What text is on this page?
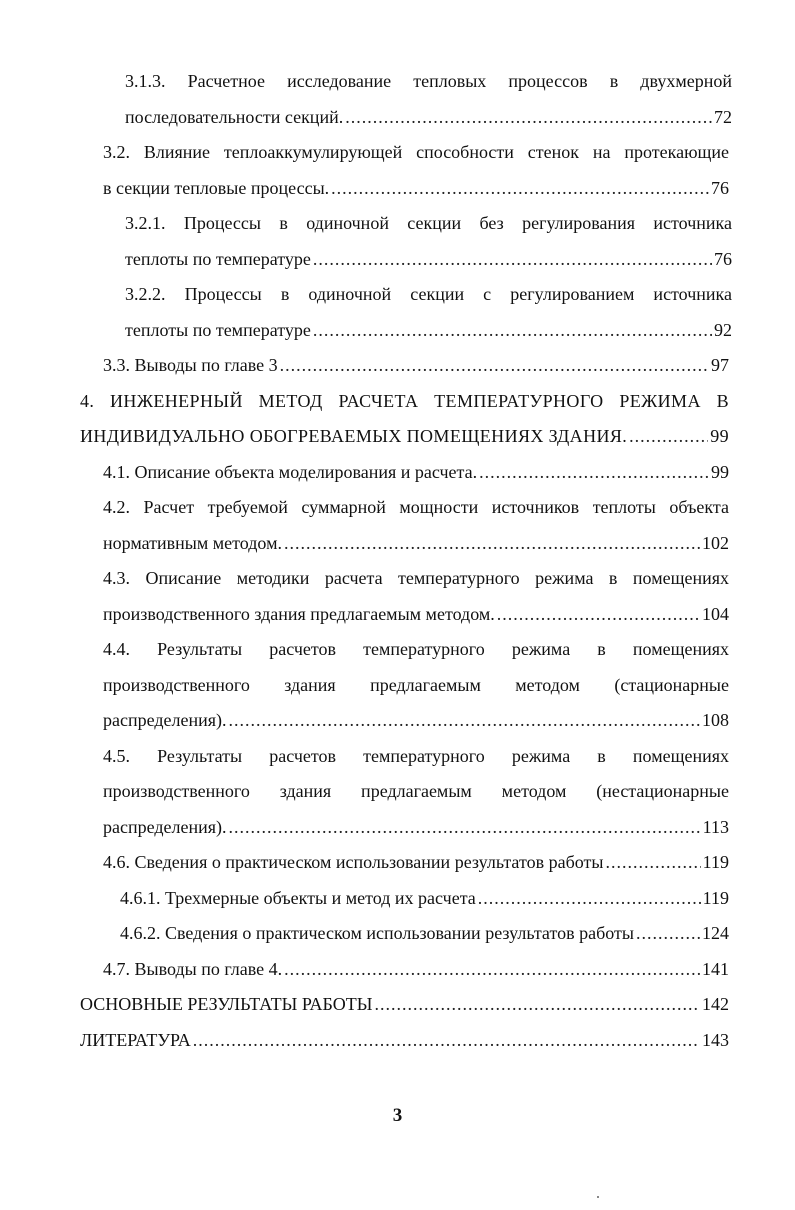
3.1.3. Расчетное исследование тепловых процессов в двухмерной
последовательности секций. .....	72
3.2. Влияние теплоаккумулирующей способности стенок на протекающие
в секции тепловые процессы. .....	76
3.2.1. Процессы в одиночной секции без регулирования источника
теплоты по температуре .....	76
3.2.2. Процессы в одиночной секции с регулированием источника
теплоты по температуре .....	92
3.3. Выводы по главе 3 .....	97
4. ИНЖЕНЕРНЫЙ МЕТОД РАСЧЕТА ТЕМПЕРАТУРНОГО РЕЖИМА В
ИНДИВИДУАЛЬНО ОБОГРЕВАЕМЫХ ПОМЕЩЕНИЯХ ЗДАНИЯ. .....	99
4.1. Описание объекта моделирования и расчета. .....	99
4.2. Расчет требуемой суммарной мощности источников теплоты объекта
нормативным методом. .....	102
4.3. Описание методики расчета температурного режима в помещениях
производственного здания предлагаемым методом. .....	104
4.4. Результаты расчетов температурного режима в помещениях
производственного здания предлагаемым методом (стационарные
распределения). .....	108
4.5. Результаты расчетов температурного режима в помещениях
производственного здания предлагаемым методом (нестационарные
распределения). .....	113
4.6. Сведения о практическом использовании результатов работы .....	119
4.6.1. Трехмерные объекты и метод их расчета .....	119
4.6.2. Сведения о практическом использовании результатов работы .....	124
4.7. Выводы по главе 4. .....	141
ОСНОВНЫЕ РЕЗУЛЬТАТЫ РАБОТЫ .....	142
ЛИТЕРАТУРА .....	143
3
